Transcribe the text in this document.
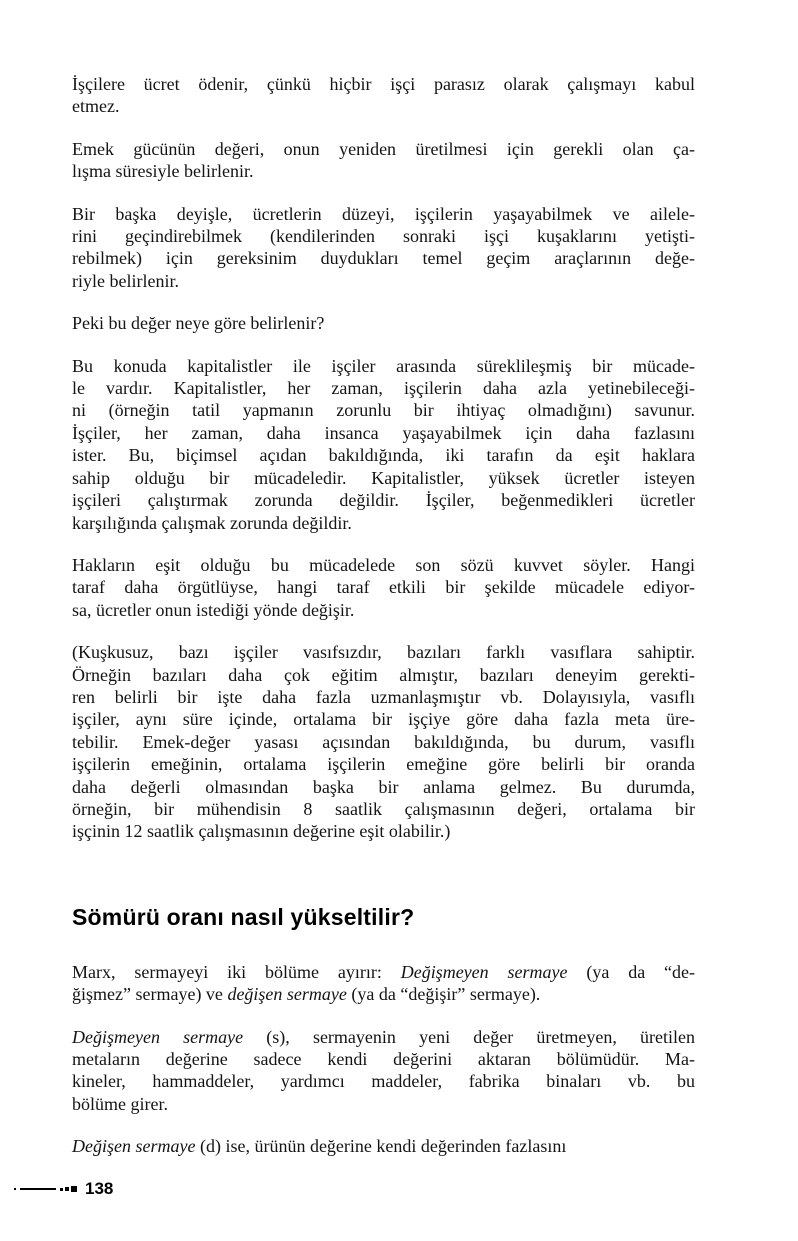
İşçilere ücret ödenir, çünkü hiçbir işçi parasız olarak çalışmayı kabul
etmez.
Emek gücünün değeri, onun yeniden üretilmesi için gerekli olan ça-
lışma süresiyle belirlenir.
Bir başka deyişle, ücretlerin düzeyi, işçilerin yaşayabilmek ve ailele-
rini geçindirebilmek (kendilerinden sonraki işçi kuşaklarını yetişti-
rebilmek) için gereksinim duydukları temel geçim araçlarının değe-
riyle belirlenir.
Peki bu değer neye göre belirlenir?
Bu konuda kapitalistler ile işçiler arasında süreklileşmiş bir mücade-
le vardır. Kapitalistler, her zaman, işçilerin daha azla yetinebileceği-
ni (örneğin tatil yapmanın zorunlu bir ihtiyaç olmadığını) savunur.
İşçiler, her zaman, daha insanca yaşayabilmek için daha fazlasını
ister. Bu, biçimsel açıdan bakıldığında, iki tarafın da eşit haklara
sahip olduğu bir mücadeledir. Kapitalistler, yüksek ücretler isteyen
işçileri çalıştırmak zorunda değildir. İşçiler, beğenmedikleri ücretler
karşılığında çalışmak zorunda değildir.
Hakların eşit olduğu bu mücadelede son sözü kuvvet söyler. Hangi
taraf daha örgütlüyse, hangi taraf etkili bir şekilde mücadele ediyor-
sa, ücretler onun istediği yönde değişir.
(Kuşkusuz, bazı işçiler vasıfsızdır, bazıları farklı vasıflara sahiptir.
Örneğin bazıları daha çok eğitim almıştır, bazıları deneyim gerekti-
ren belirli bir işte daha fazla uzmanlaşmıştır vb. Dolayısıyla, vasıflı
işçiler, aynı süre içinde, ortalama bir işçiye göre daha fazla meta üre-
tebilir. Emek-değer yasası açısından bakıldığında, bu durum, vasıflı
işçilerin emeğinin, ortalama işçilerin emeğine göre belirli bir oranda
daha değerli olmasından başka bir anlama gelmez. Bu durumda,
örneğin, bir mühendisin 8 saatlik çalışmasının değeri, ortalama bir
işçinin 12 saatlik çalışmasının değerine eşit olabilir.)
Sömürü oranı nasıl yükseltilir?
Marx, sermayeyi iki bölüme ayırır: Değişmeyen sermaye (ya da “de-
ğişmez” sermaye) ve değişen sermaye (ya da “değişir” sermaye).
Değişmeyen sermaye (s), sermayenin yeni değer üretmeyen, üretilen
metaların değerine sadece kendi değerini aktaran bölümüdür. Ma-
kineler, hammaddeler, yardımcı maddeler, fabrika binaları vb. bu
bölüme girer.
Değişen sermaye (d) ise, ürünün değerine kendi değerinden fazlasını
138
